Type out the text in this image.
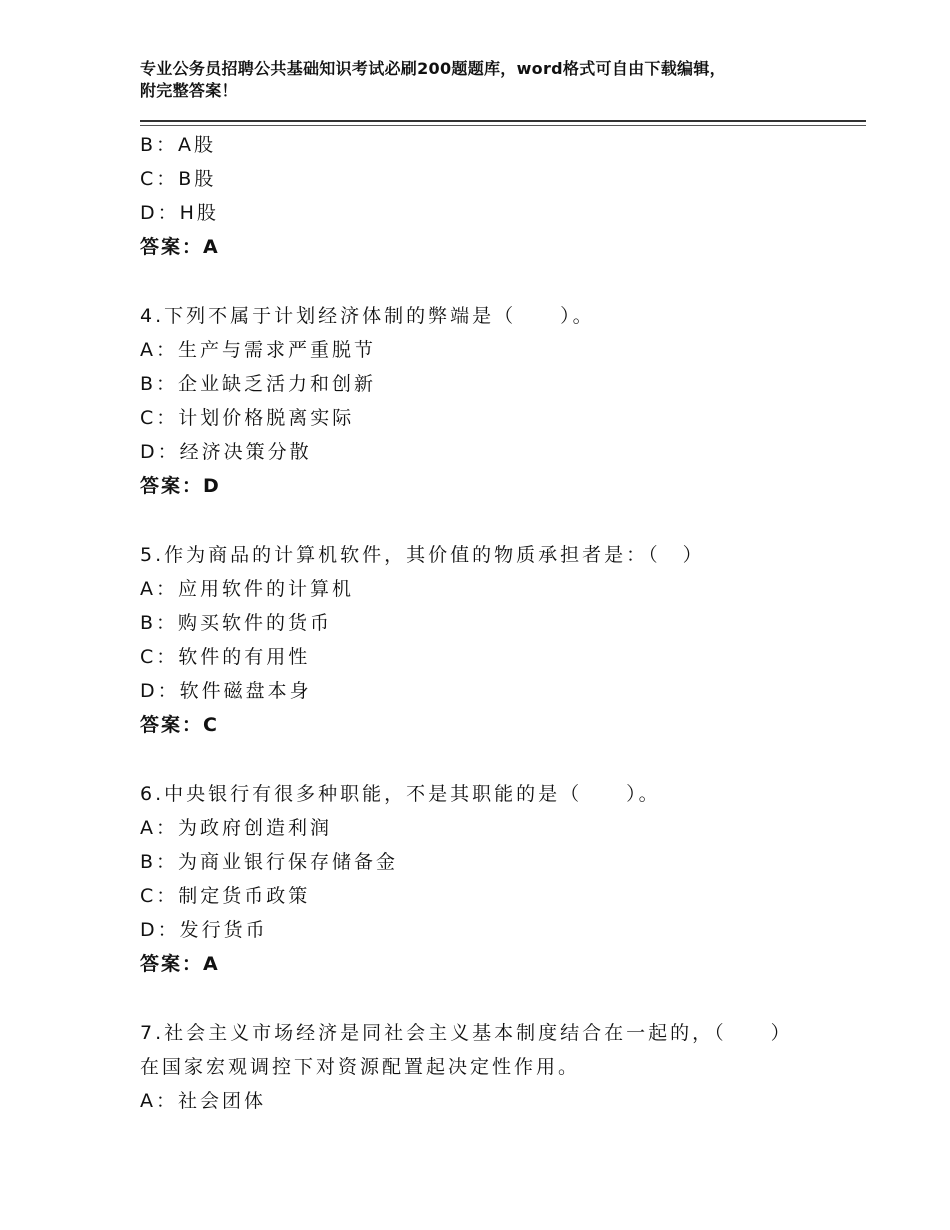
专业公务员招聘公共基础知识考试必刷200题题库，word格式可自由下载编辑，
附完整答案！
B：A股
C：B股
D：H股
答案：A
4.下列不属于计划经济体制的弊端是（　　）。
A：生产与需求严重脱节
B：企业缺乏活力和创新
C：计划价格脱离实际
D：经济决策分散
答案：D
5.作为商品的计算机软件，其价值的物质承担者是：（　）
A：应用软件的计算机
B：购买软件的货币
C：软件的有用性
D：软件磁盘本身
答案：C
6.中央银行有很多种职能，不是其职能的是（　　）。
A：为政府创造利润
B：为商业银行保存储备金
C：制定货币政策
D：发行货币
答案：A
7.社会主义市场经济是同社会主义基本制度结合在一起的，（　　）
在国家宏观调控下对资源配置起决定性作用。
A：社会团体
